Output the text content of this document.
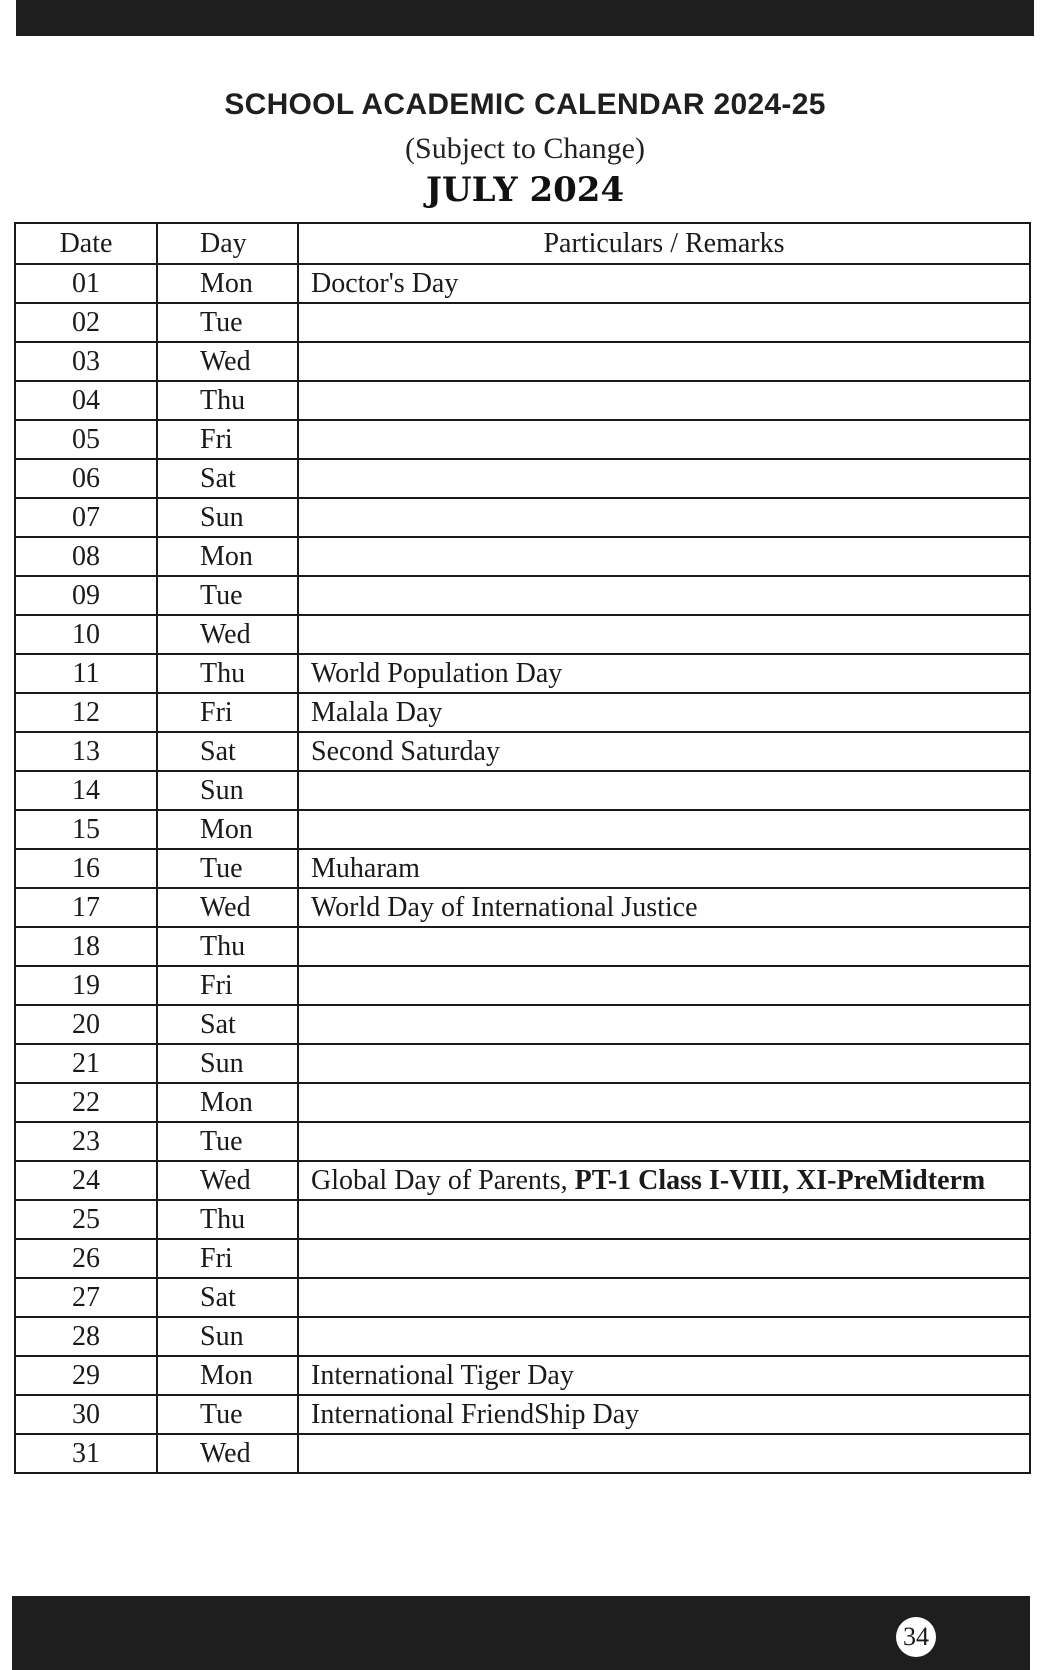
SCHOOL ACADEMIC CALENDAR 2024-25
(Subject to Change)
JULY 2024
Date	Day	Particulars / Remarks
01	Mon	Doctor's Day
02	Tue	
03	Wed	
04	Thu	
05	Fri	
06	Sat	
07	Sun	
08	Mon	
09	Tue	
10	Wed	
11	Thu	World Population Day
12	Fri	Malala Day
13	Sat	Second Saturday
14	Sun	
15	Mon	
16	Tue	Muharam
17	Wed	World Day of International Justice
18	Thu	
19	Fri	
20	Sat	
21	Sun	
22	Mon	
23	Tue	
24	Wed	Global Day of Parents, PT-1 Class I-VIII, XI-PreMidterm
25	Thu	
26	Fri	
27	Sat	
28	Sun	
29	Mon	International Tiger Day
30	Tue	International FriendShip Day
31	Wed	
34
